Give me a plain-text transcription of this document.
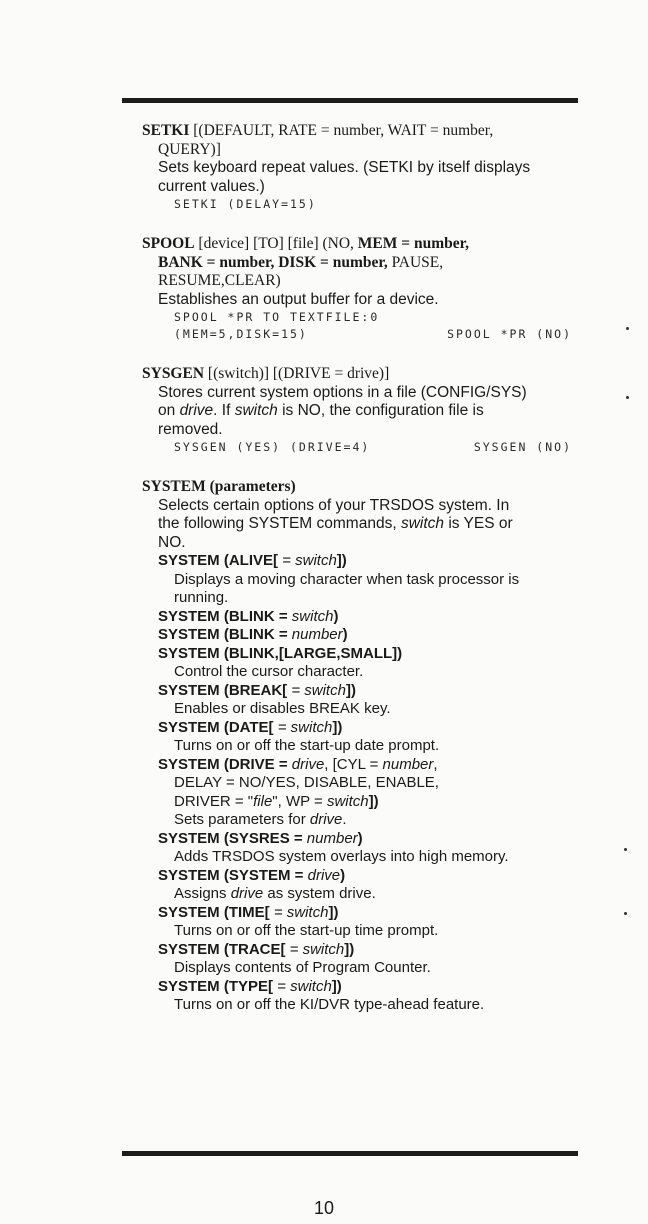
SETKI [(DEFAULT, RATE = number, WAIT = number,
QUERY)]
Sets keyboard repeat values. (SETKI by itself displays
current values.)
SETKI (DELAY=15)
SPOOL [device] [TO] [file] (NO, MEM = number,
BANK = number, DISK = number, PAUSE,
RESUME,CLEAR)
Establishes an output buffer for a device.
SPOOL *PR TO TEXTFILE:0
(MEM=5,DISK=15)	SPOOL *PR (NO)
SYSGEN [(switch)] [(DRIVE = drive)]
Stores current system options in a file (CONFIG/SYS)
on drive. If switch is NO, the configuration file is
removed.
SYSGEN (YES) (DRIVE=4)	SYSGEN (NO)
SYSTEM (parameters)
Selects certain options of your TRSDOS system. In
the following SYSTEM commands, switch is YES or
NO.
SYSTEM (ALIVE[ = switch])
Displays a moving character when task processor is
running.
SYSTEM (BLINK = switch)
SYSTEM (BLINK = number)
SYSTEM (BLINK,[LARGE,SMALL])
Control the cursor character.
SYSTEM (BREAK[ = switch])
Enables or disables BREAK key.
SYSTEM (DATE[ = switch])
Turns on or off the start-up date prompt.
SYSTEM (DRIVE = drive, [CYL = number,
DELAY = NO/YES, DISABLE, ENABLE,
DRIVER = "file", WP = switch])
Sets parameters for drive.
SYSTEM (SYSRES = number)
Adds TRSDOS system overlays into high memory.
SYSTEM (SYSTEM = drive)
Assigns drive as system drive.
SYSTEM (TIME[ = switch])
Turns on or off the start-up time prompt.
SYSTEM (TRACE[ = switch])
Displays contents of Program Counter.
SYSTEM (TYPE[ = switch])
Turns on or off the KI/DVR type-ahead feature.
10
